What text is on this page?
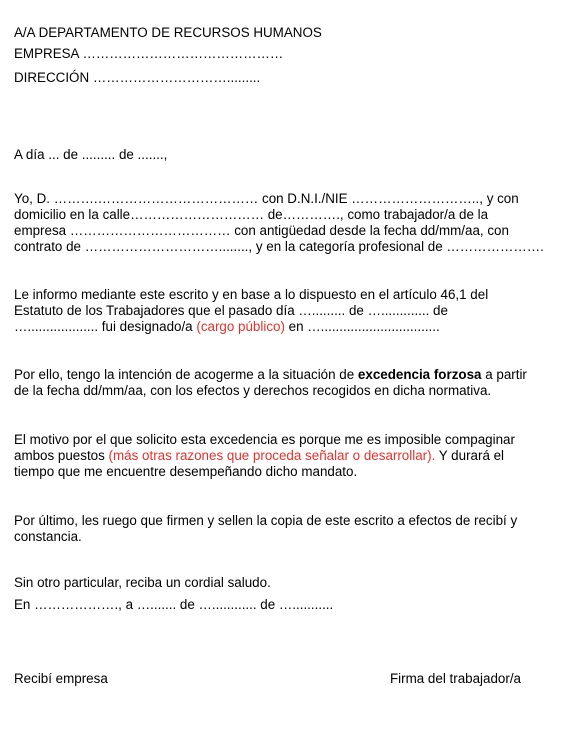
A/A DEPARTAMENTO DE RECURSOS HUMANOS
EMPRESA ………………………………………
DIRECCIÓN ………………………….........
A día ... de ......... de .......,
Yo, D. ……….……………………………… con D.N.I./NIE ……………………….., y con
domicilio en la calle………………………… de…………., como trabajador/a de la
empresa ……………………………… con antigüedad desde la fecha dd/mm/aa, con
contrato de …………………………........, y en la categoría profesional de ………………….
Le informo mediante este escrito y en base a lo dispuesto en el artículo 46,1 del
Estatuto de los Trabajadores que el pasado día …......... de …............. de
…................... fui designado/a (cargo público) en …................................
Por ello, tengo la intención de acogerme a la situación de excedencia forzosa a partir
de la fecha dd/mm/aa, con los efectos y derechos recogidos en dicha normativa.
El motivo por el que solicito esta excedencia es porque me es imposible compaginar
ambos puestos (más otras razones que proceda señalar o desarrollar). Y durará el
tiempo que me encuentre desempeñando dicho mandato.
Por último, les ruego que firmen y sellen la copia de este escrito a efectos de recibí y
constancia.
Sin otro particular, reciba un cordial saludo.
En ………………., a …....... de …............ de …...........
Recibí empresa	Firma del trabajador/a
